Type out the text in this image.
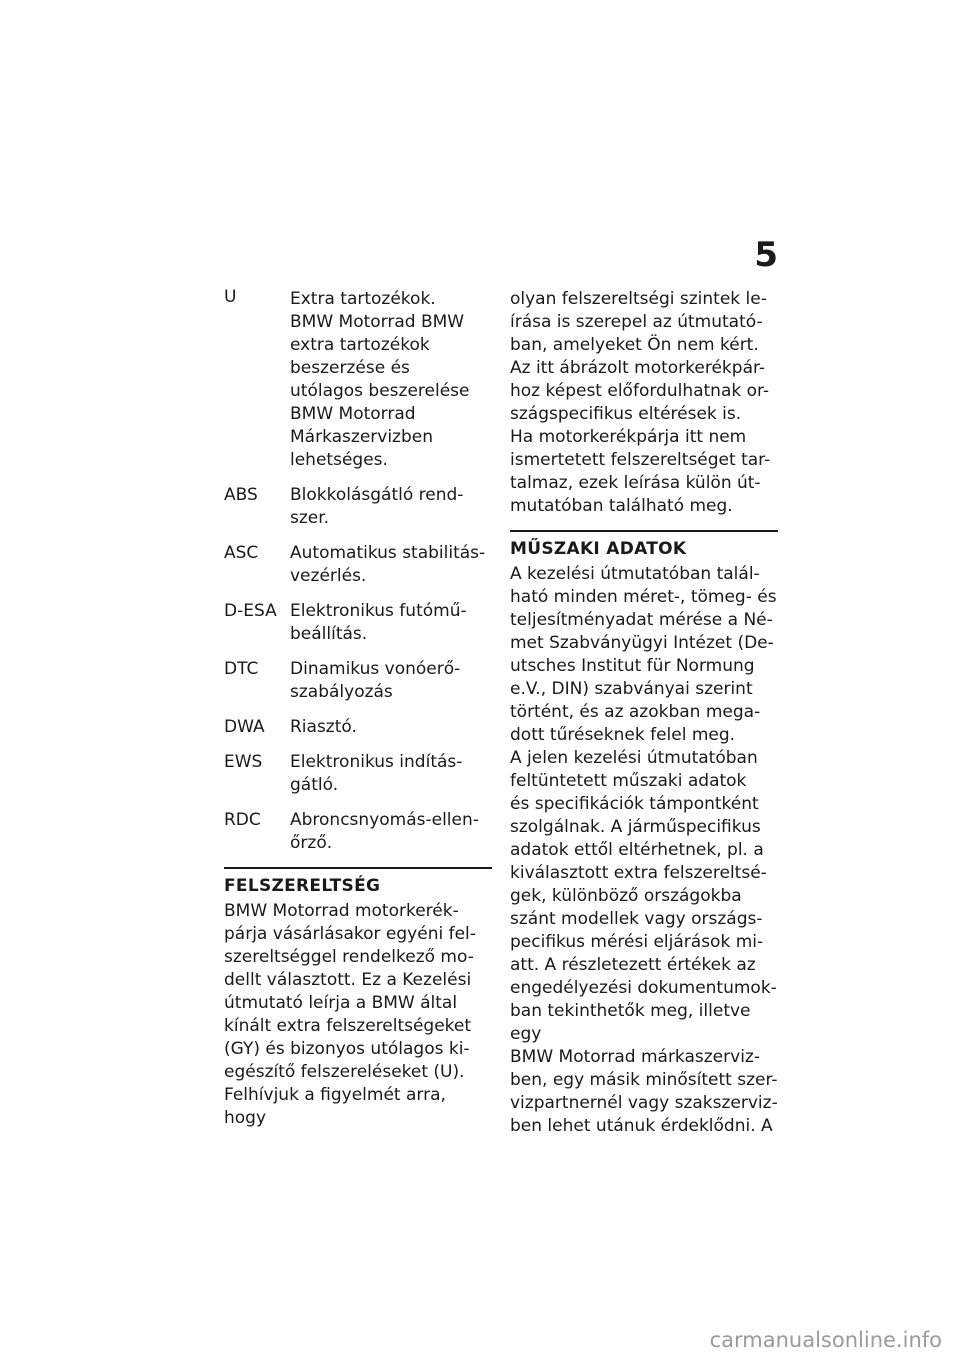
5
U	Extra tartozékok.
BMW Motorrad BMW
extra tartozékok
beszerzése és
utólagos beszerelése
BMW Motorrad
Márkaszervizben
lehetséges.
ABS	Blokkolásgátló rend-
szer.
ASC	Automatikus stabilitás-
vezérlés.
D-ESA Elektronikus futómű-
beállítás.
DTC	Dinamikus vonóerő-
szabályozás
DWA	Riasztó.
EWS	Elektronikus indítás-
gátló.
RDC	Abroncsnyomás-ellen-
őrző.
FELSZERELTSÉG

BMW Motorrad motorkerék-
párja vásárlásakor egyéni fel-
szereltséggel rendelkező mo-
dellt választott. Ez a Kezelési
útmutató leírja a BMW által
kínált extra felszereltségeket
(GY) és bizonyos utólagos ki-
egészítő felszereléseket (U).
Felhívjuk a figyelmét arra, hogy

olyan felszereltségi szintek le-
írása is szerepel az útmutató-
ban, amelyeket Ön nem kért.
Az itt ábrázolt motorkerékpár-
hoz képest előfordulhatnak or-
szágspecifikus eltérések is.
Ha motorkerékpárja itt nem
ismertetett felszereltséget tar-
talmaz, ezek leírása külön út-
mutatóban található meg.

MŰSZAKI ADATOK

A kezelési útmutatóban talál-
ható minden méret-, tömeg- és
teljesítményadat mérése a Né-
met Szabványügyi Intézet (De-
utsches Institut für Normung
e.V., DIN) szabványai szerint
történt, és az azokban mega-
dott tűréseknek felel meg.
A jelen kezelési útmutatóban
feltüntetett műszaki adatok
és specifikációk támpontként
szolgálnak. A járműspecifikus
adatok ettől eltérhetnek, pl. a
kiválasztott extra felszereltsé-
gek, különböző országokba
szánt modellek vagy országs-
pecifikus mérési eljárások mi-
att. A részletezett értékek az
engedélyezési dokumentumok-
ban tekinthetők meg, illetve egy
BMW Motorrad márkaszerviz-
ben, egy másik minősített szer-
vizpartnernél vagy szakszerviz-
ben lehet utánuk érdeklődni. A

carmanualsonline.info
